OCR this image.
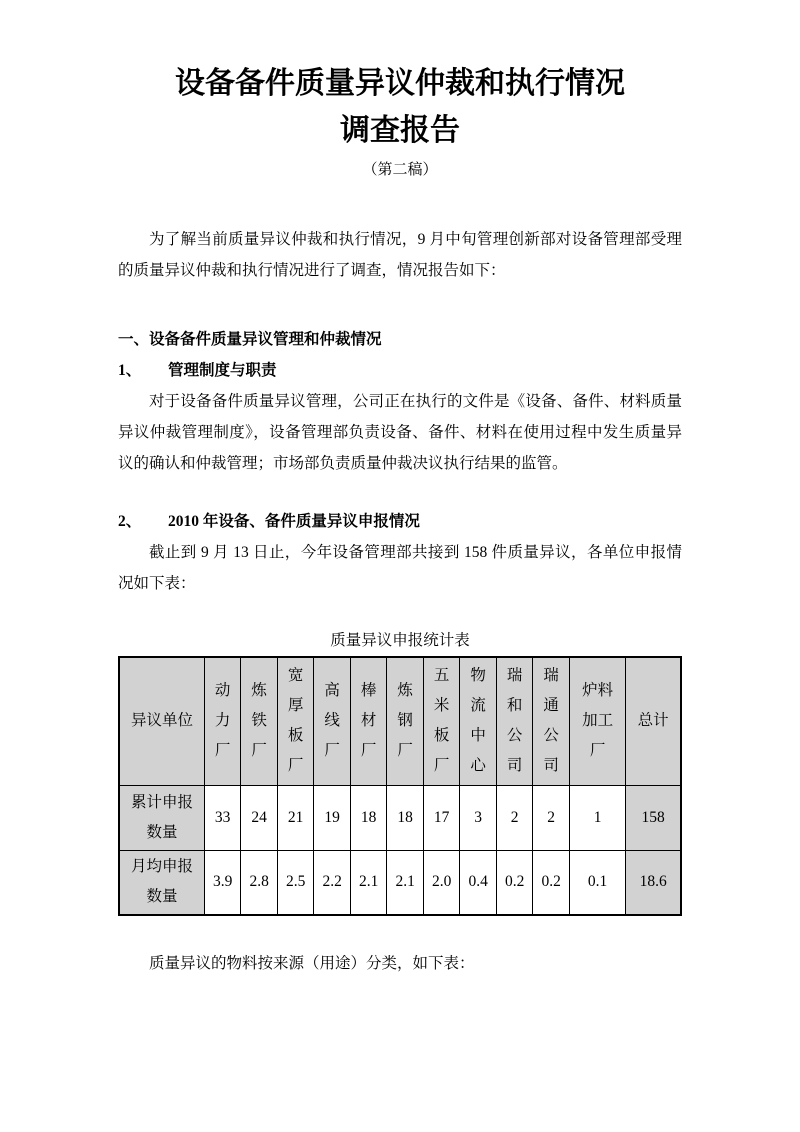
设备备件质量异议仲裁和执行情况
调查报告
（第二稿）

为了解当前质量异议仲裁和执行情况，9 月中旬管理创新部对设备管理部受理的质量异议仲裁和执行情况进行了调查，情况报告如下：

一、设备备件质量异议管理和仲裁情况

1、 管理制度与职责

对于设备备件质量异议管理，公司正在执行的文件是《设备、备件、材料质量异议仲裁管理制度》，设备管理部负责设备、备件、材料在使用过程中发生质量异议的确认和仲裁管理；市场部负责质量仲裁决议执行结果的监管。

2、 2010 年设备、备件质量异议申报情况

截止到 9 月 13 日止，今年设备管理部共接到 158 件质量异议，各单位申报情况如下表：

质量异议申报统计表
异议单位	动力厂	炼铁厂	宽厚板厂	高线厂	棒材厂	炼钢厂	五米板厂	物流中心	瑞和公司	瑞通公司	炉料加工厂	总计

累计申报数量	33	24	21	19	18	18	17	3	2	2	1	158

月均申报数量	3.9	2.8	2.5	2.2	2.1	2.1	2.0	0.4	0.2	0.2	0.1	18.6

质量异议的物料按来源（用途）分类，如下表：
